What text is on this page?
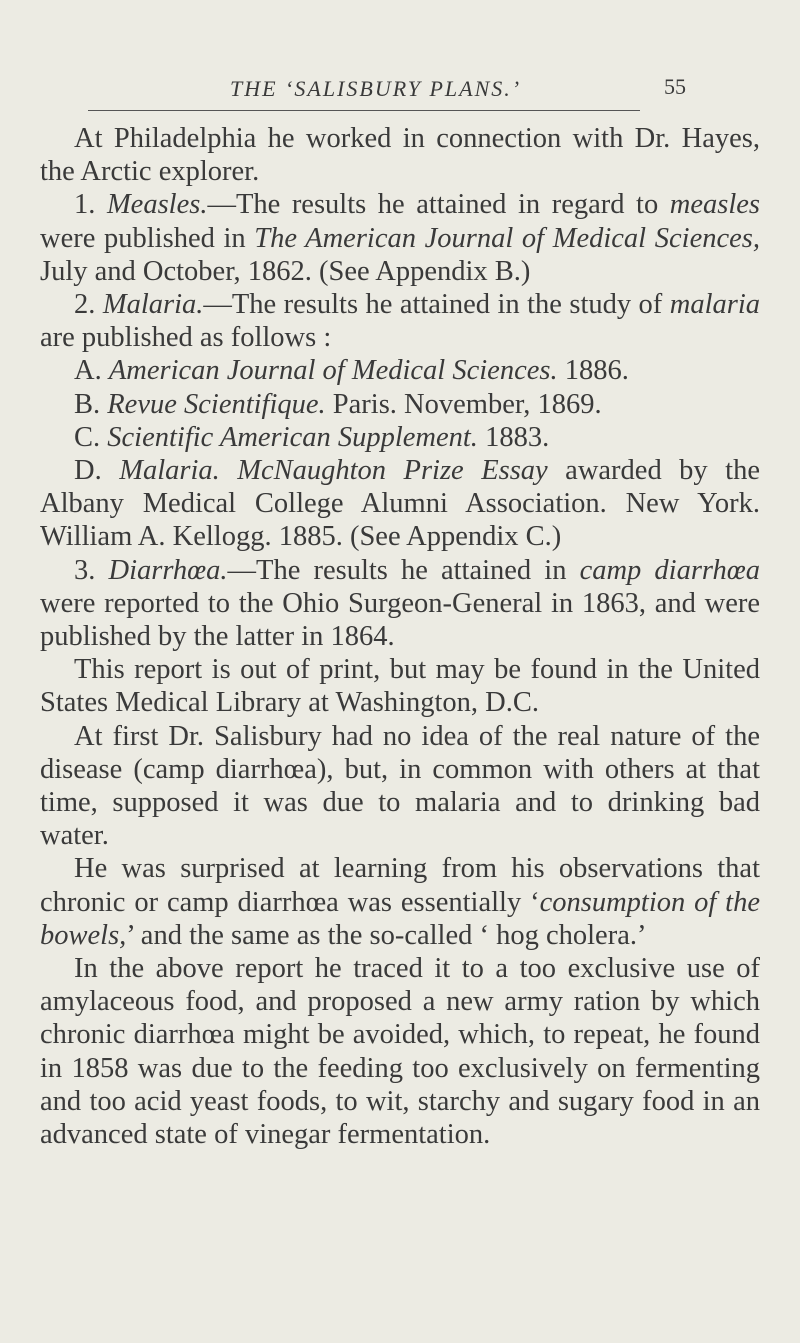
THE ‘SALISBURY PLANS.’	55

At Philadelphia he worked in connection with Dr. Hayes, the Arctic explorer.

1. Measles.—The results he attained in regard to measles were published in The American Journal of Medical Sciences, July and October, 1862. (See Appendix B.)

2. Malaria.—The results he attained in the study of malaria are published as follows :

A. American Journal of Medical Sciences. 1886.

B. Revue Scientifique. Paris. November, 1869.

C. Scientific American Supplement. 1883.

D. Malaria. McNaughton Prize Essay awarded by the Albany Medical College Alumni Association. New York. William A. Kellogg. 1885. (See Appendix C.)

3. Diarrhœa.—The results he attained in camp diarrhœa were reported to the Ohio Surgeon-General in 1863, and were published by the latter in 1864.

This report is out of print, but may be found in the United States Medical Library at Washington, D.C.

At first Dr. Salisbury had no idea of the real nature of the disease (camp diarrhœa), but, in common with others at that time, supposed it was due to malaria and to drinking bad water.

He was surprised at learning from his observations that chronic or camp diarrhœa was essentially ‘consumption of the bowels,’ and the same as the so-called ‘ hog cholera.’

In the above report he traced it to a too exclusive use of amylaceous food, and proposed a new army ration by which chronic diarrhœa might be avoided, which, to repeat, he found in 1858 was due to the feeding too exclusively on fermenting and too acid yeast foods, to wit, starchy and sugary food in an advanced state of vinegar fermentation.
